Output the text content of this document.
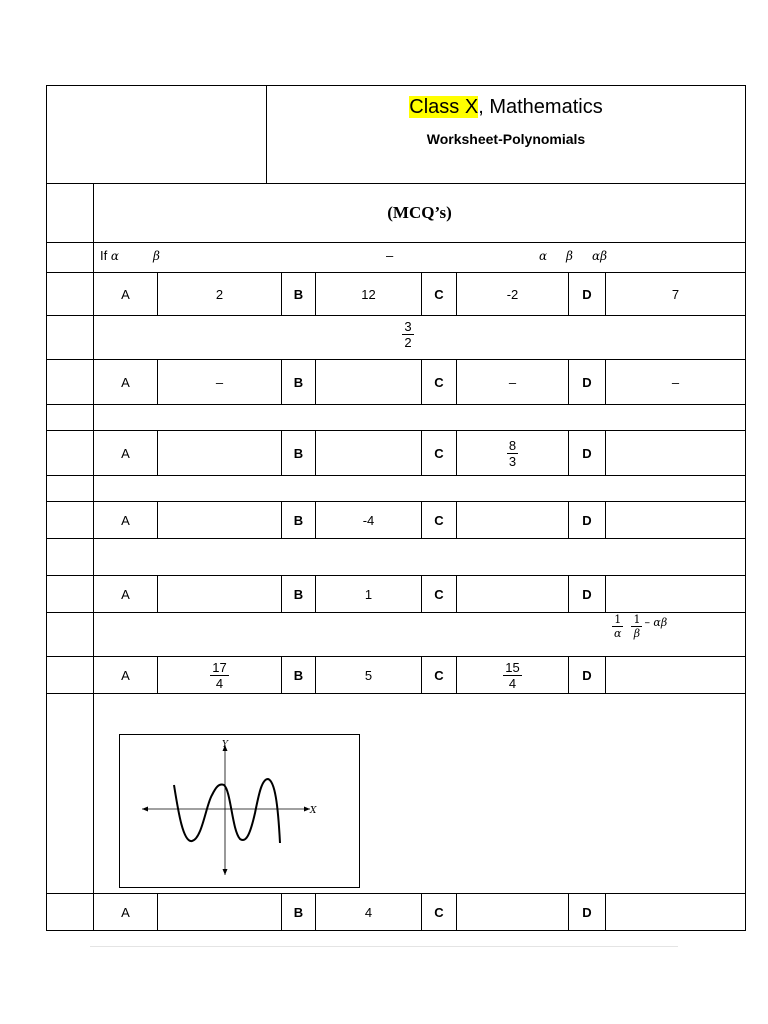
Class X, Mathematics
Worksheet-Polynomials
(MCQ’s)
If α	β	–	α β αβ
A	2	B	12	C	-2	D	7
$\frac{3}{2}$
A	–	B	C	–	D	–
A	B	C	$\frac{8}{3}$	D
A	B	-4	C	D
A	B	1	C	D
$\frac{1}{\alpha} \frac{1}{\beta}$ – αβ
A	$\frac{17}{4}$	B	5	C	$\frac{15}{4}$	D
Y
X
A	B	4	C	D
